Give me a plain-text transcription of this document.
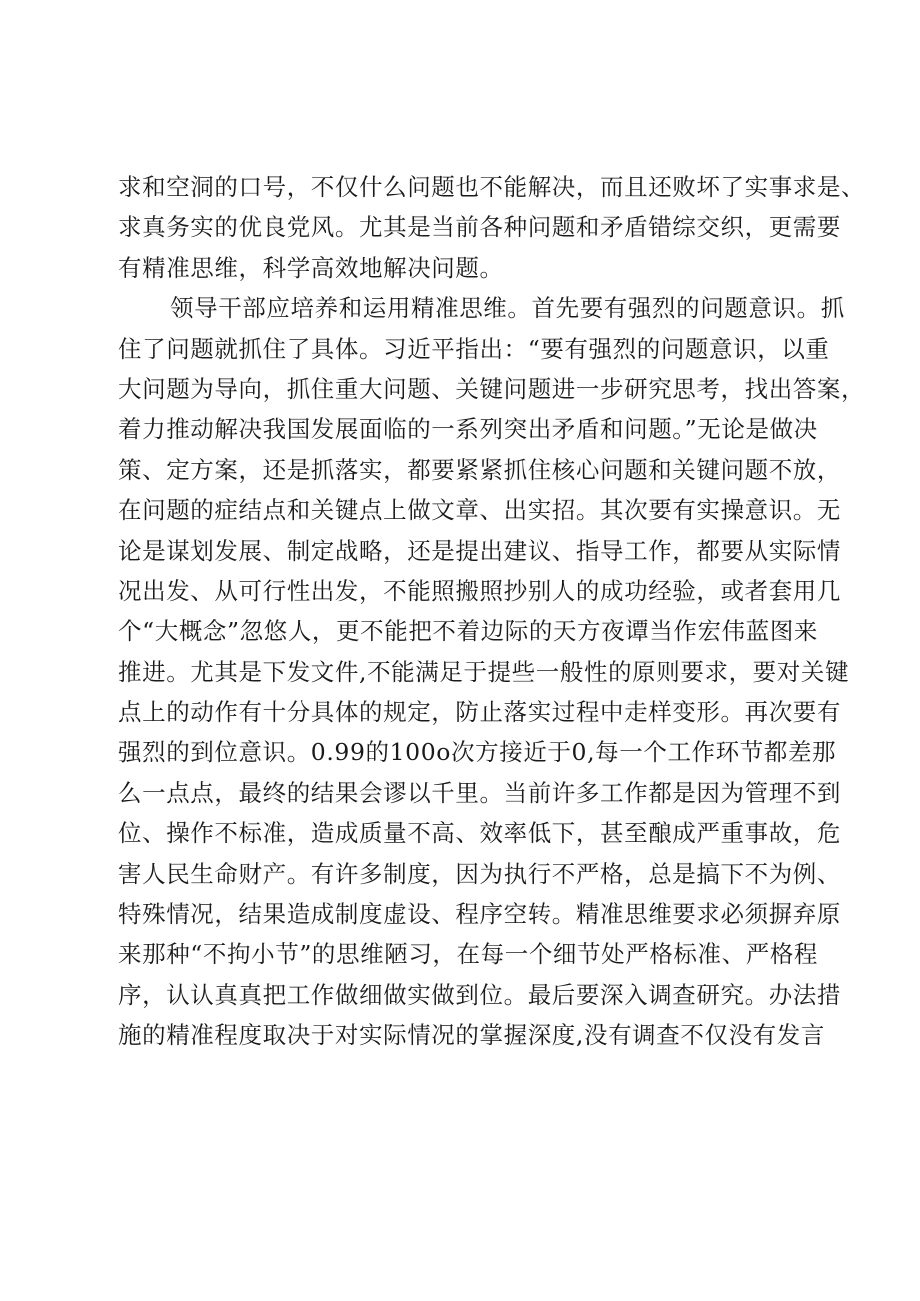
求和空洞的口号，不仅什么问题也不能解决，而且还败坏了实事求是、
求真务实的优良党风。尤其是当前各种问题和矛盾错综交织，更需要
有精准思维，科学高效地解决问题。
领导干部应培养和运用精准思维。首先要有强烈的问题意识。抓
住了问题就抓住了具体。习近平指出：“要有强烈的问题意识，以重
大问题为导向，抓住重大问题、关键问题进一步研究思考，找出答案，
着力推动解决我国发展面临的一系列突出矛盾和问题。”无论是做决
策、定方案，还是抓落实，都要紧紧抓住核心问题和关键问题不放，
在问题的症结点和关键点上做文章、出实招。其次要有实操意识。无
论是谋划发展、制定战略，还是提出建议、指导工作，都要从实际情
况出发、从可行性出发，不能照搬照抄别人的成功经验，或者套用几
个“大概念”忽悠人，更不能把不着边际的天方夜谭当作宏伟蓝图来
推进。尤其是下发文件,不能满足于提些一般性的原则要求，要对关键
点上的动作有十分具体的规定，防止落实过程中走样变形。再次要有
强烈的到位意识。0.99的100o次方接近于0,每一个工作环节都差那
么一点点，最终的结果会谬以千里。当前许多工作都是因为管理不到
位、操作不标准，造成质量不高、效率低下，甚至酿成严重事故，危
害人民生命财产。有许多制度，因为执行不严格，总是搞下不为例、
特殊情况，结果造成制度虚设、程序空转。精准思维要求必须摒弃原
来那种“不拘小节”的思维陋习，在每一个细节处严格标准、严格程
序，认认真真把工作做细做实做到位。最后要深入调查研究。办法措
施的精准程度取决于对实际情况的掌握深度,没有调查不仅没有发言
